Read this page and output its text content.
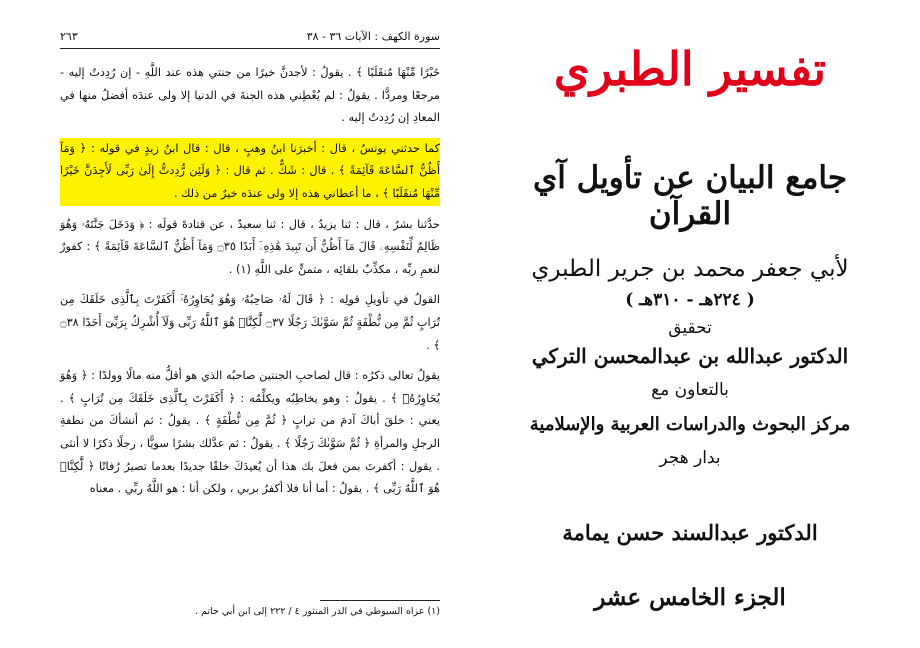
سورة الكهف : الآيات ٣٦ - ٣٨
٢٦٣

خَيْرًا مِّنْهَا مُنقَلَبًا ﴾ . يقولُ : لأجدنَّ خيرًا من جنتي هذه عند اللَّهِ - إن رُدِدتُ إليه - مرجعًا ومردًّا . يقولُ : لم يُعْطِني هذه الجنةَ في الدنيا إلا ولى عندَه أفضلُ منها في المعادِ إن رُدِدتُ إليه .

كما حدثني يونسُ ، قال : أخبرَنا ابنُ وهبٍ ، قال : قال ابنُ زيدٍ في قوله : ﴿ وَمَآ أَظُنُّ ٱلسَّاعَةَ قَآئِمَةً ﴾ . قال : شَكٌّ . ثم قال : ﴿ وَلَئِن رُّدِدتُّ إِلَىٰ رَبِّى لَأَجِدَنَّ خَيْرًا مِّنْهَا مُنقَلَبًا ﴾ ، ما أعطاني هذه إلا ولى عندَه خيرٌ من ذلك .

حدَّثنا بشرٌ ، قال : ثنا يزيدُ ، قال : ثنا سعيدٌ ، عن قتادةَ قولَه : ﴿ وَدَخَلَ جَنَّتَهُۥ وَهُوَ ظَالِمٌ لِّنَفْسِهِۦ قَالَ مَآ أَظُنُّ أَن تَبِيدَ هَٰذِهِۦٓ أَبَدًا ۝٣٥ وَمَآ أَظُنُّ ٱلسَّاعَةَ قَآئِمَةً ﴾ : كفورٌ لنعمِ ربِّه ، مكذِّبٌ بلقائِه ، متمنٍّ على اللَّهِ (١) .

القولُ في تأويلِ قولِه : ﴿ قَالَ لَهُۥ صَاحِبُهُۥ وَهُوَ يُحَاوِرُهُۥٓ أَكَفَرْتَ بِٱلَّذِى خَلَقَكَ مِن تُرَابٍ ثُمَّ مِن نُّطْفَةٍ ثُمَّ سَوَّىٰكَ رَجُلًا ۝٣٧ لَّٰكِنَّا۠ هُوَ ٱللَّهُ رَبِّى وَلَآ أُشْرِكُ بِرَبِّىٓ أَحَدًا ۝٣٨ ﴾ .

يقولُ تعالى ذكرُه : قال لصاحبِ الجنتين صاحبُه الذي هو أقلُّ منه مالًا وولدًا : ﴿ وَهُوَ يُحَاوِرُهُۥٓ ﴾ . يقولُ : وهو يخاطِبُه ويكلِّمُه : ﴿ أَكَفَرْتَ بِٱلَّذِى خَلَقَكَ مِن تُرَابٍ ﴾ . يعني : خلقَ أباكَ آدمَ من ترابٍ ﴿ ثُمَّ مِن نُّطْفَةٍ ﴾ . يقولُ : ثم أنشأكَ من نطفةِ الرجلِ والمرأةِ ﴿ ثُمَّ سَوَّىٰكَ رَجُلًا ﴾ . يقولُ : ثم عدَّلك بشرًا سويًّا ، رجلًا ذكرًا لا أنثى . يقول : أكفرتَ بمن فعلَ بك هذا أن يُعيدَكَ خلقًا جديدًا بعدما تصيرُ رُفاتًا ﴿ لَّٰكِنَّا۠ هُوَ ٱللَّهُ رَبِّى ﴾ . يقولُ : أما أنا فلا أكفرُ بربي ، ولكن أنا : هو اللَّهُ ربِّي . معناه

(١) عزاه السيوطي في الدر المنثور ٤ / ٢٢٢ إلى ابن أبي حاتم .
تفسير الطبري
جامع البيان عن تأويل آي القرآن
لأبي جعفر محمد بن جرير الطبري
( ٢٢٤هـ - ٣١٠هـ )
تحقيق
الدكتور عبدالله بن عبدالمحسن التركي
بالتعاون مع
مركز البحوث والدراسات العربية والإسلامية
بدار هجر
الدكتور عبدالسند حسن يمامة
الجزء الخامس عشر
